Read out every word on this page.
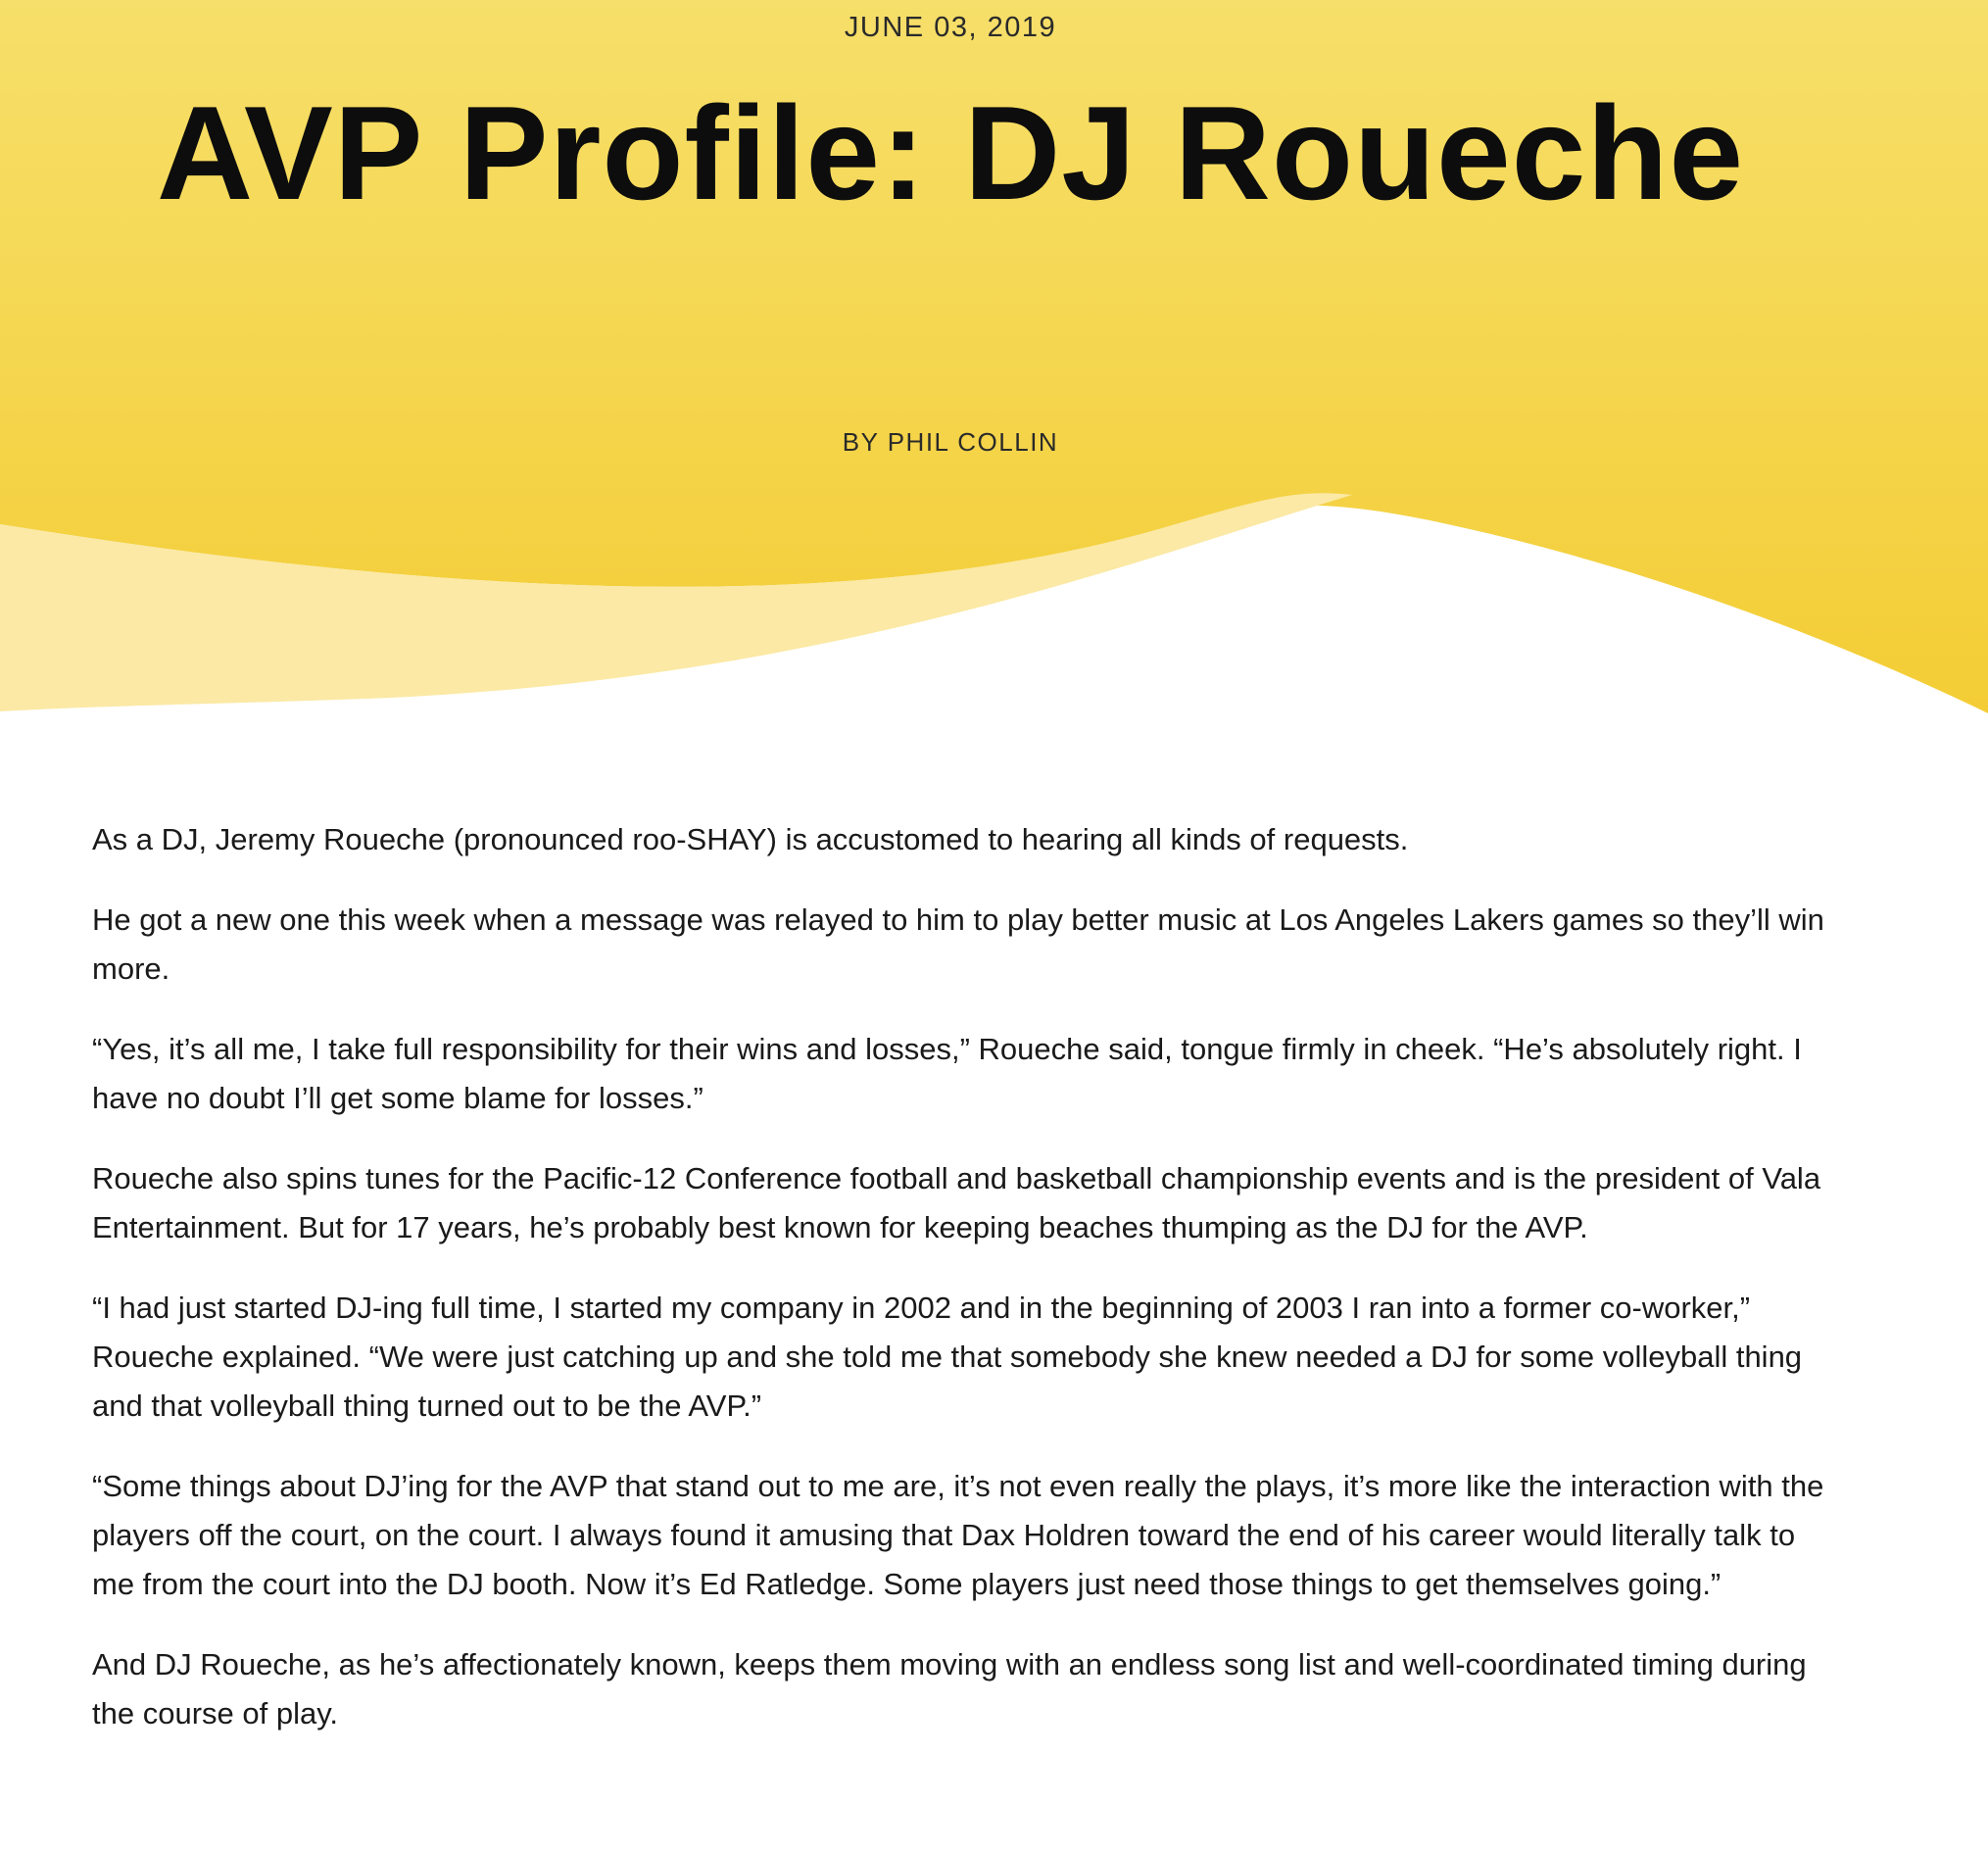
JUNE 03, 2019
AVP Profile: DJ Roueche
BY PHIL COLLIN

As a DJ, Jeremy Roueche (pronounced roo-SHAY) is accustomed to hearing all kinds of requests.

He got a new one this week when a message was relayed to him to play better music at Los Angeles Lakers games so they’ll win more.

“Yes, it’s all me, I take full responsibility for their wins and losses,” Roueche said, tongue firmly in cheek. “He’s absolutely right. I have no doubt I’ll get some blame for losses.”

Roueche also spins tunes for the Pacific-12 Conference football and basketball championship events and is the president of Vala Entertainment. But for 17 years, he’s probably best known for keeping beaches thumping as the DJ for the AVP.

“I had just started DJ-ing full time, I started my company in 2002 and in the beginning of 2003 I ran into a former co-worker,” Roueche explained. “We were just catching up and she told me that somebody she knew needed a DJ for some volleyball thing and that volleyball thing turned out to be the AVP.”

“Some things about DJ’ing for the AVP that stand out to me are, it’s not even really the plays, it’s more like the interaction with the players off the court, on the court. I always found it amusing that Dax Holdren toward the end of his career would literally talk to me from the court into the DJ booth. Now it’s Ed Ratledge. Some players just need those things to get themselves going.”

And DJ Roueche, as he’s affectionately known, keeps them moving with an endless song list and well-coordinated timing during the course of play.
